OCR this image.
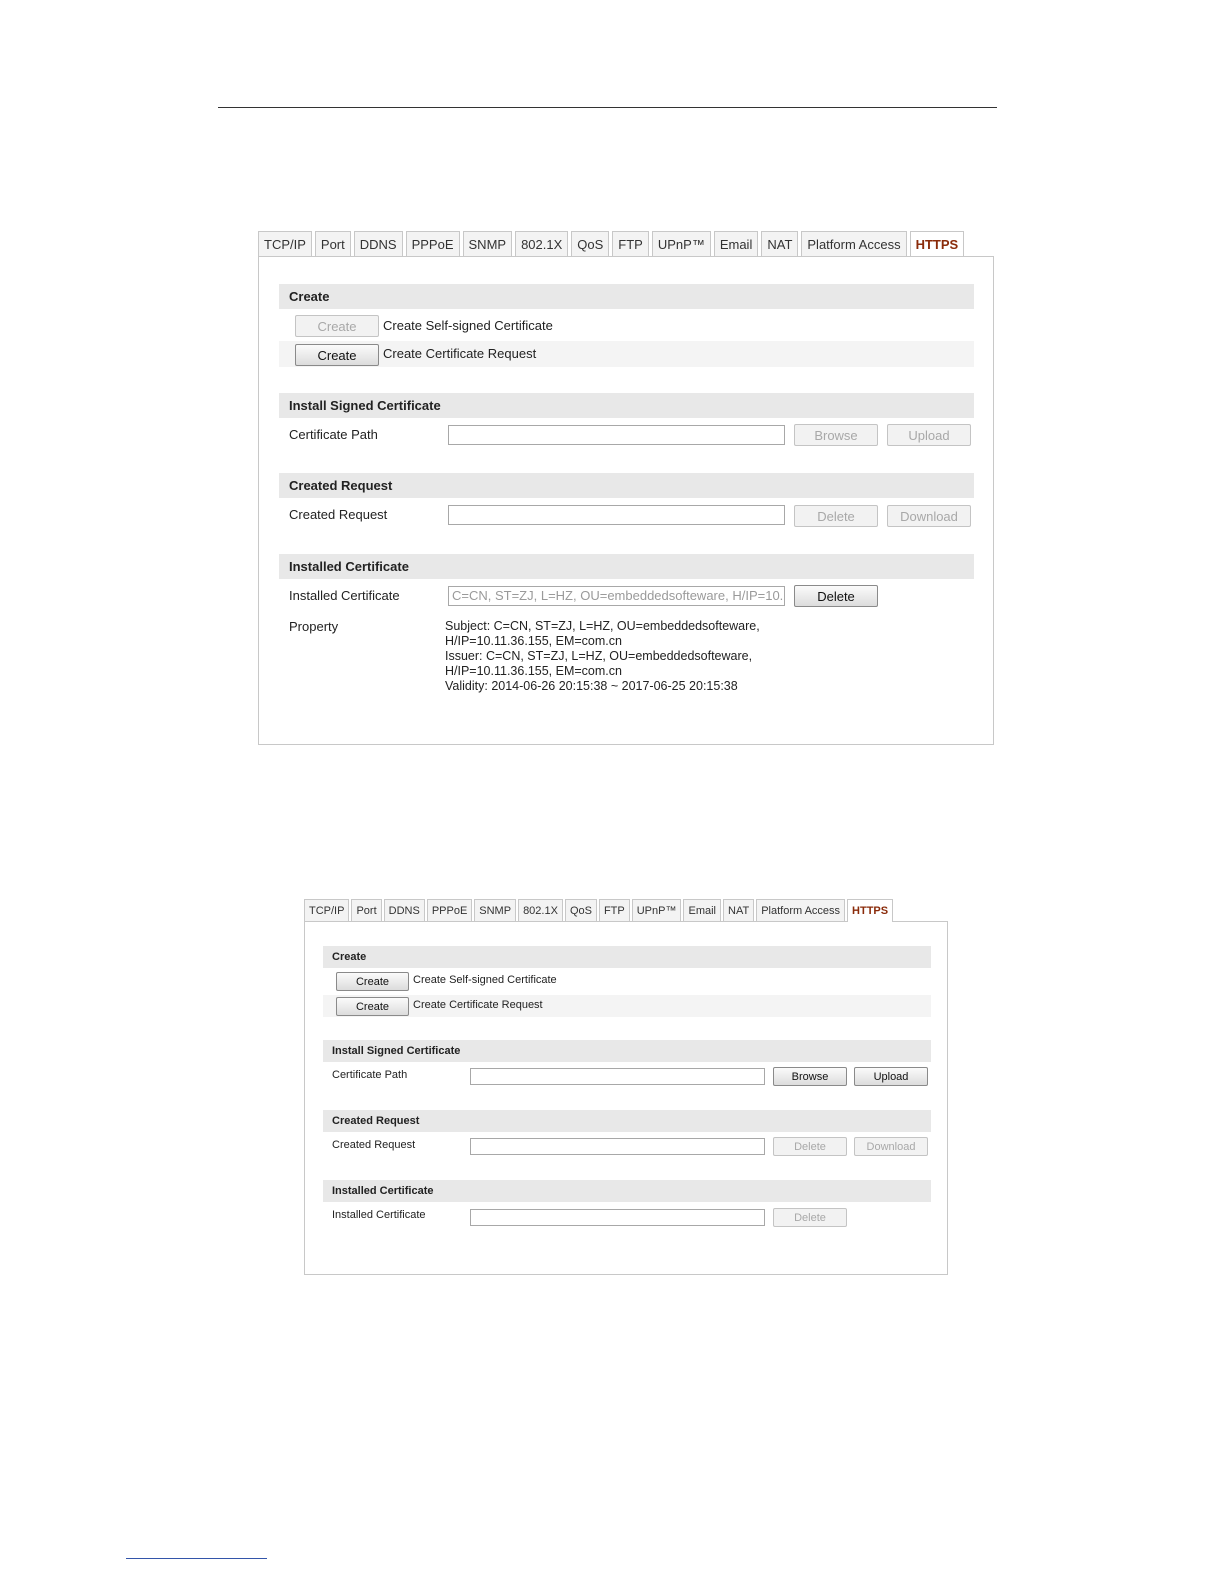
TCP/IP	Port	DDNS	PPPoE	SNMP	802.1X	QoS	FTP	UPnP™	Email	NAT	Platform Access	HTTPS
Create
Create	Create Self-signed Certificate
Create	Create Certificate Request
Install Signed Certificate
Certificate Path	Browse	Upload
Created Request
Created Request	Delete	Download
Installed Certificate
Installed Certificate	C=CN, ST=ZJ, L=HZ, OU=embeddedsofteware, H/IP=10.	Delete
Property	Subject: C=CN, ST=ZJ, L=HZ, OU=embeddedsofteware,
H/IP=10.11.36.155, EM=com.cn
Issuer: C=CN, ST=ZJ, L=HZ, OU=embeddedsofteware,
H/IP=10.11.36.155, EM=com.cn
Validity: 2014-06-26 20:15:38 ~ 2017-06-25 20:15:38
TCP/IP	Port	DDNS	PPPoE	SNMP	802.1X	QoS	FTP	UPnP™	Email	NAT	Platform Access	HTTPS
Create
Create	Create Self-signed Certificate
Create	Create Certificate Request
Install Signed Certificate
Certificate Path	Browse	Upload
Created Request
Created Request	Delete	Download
Installed Certificate
Installed Certificate	Delete
